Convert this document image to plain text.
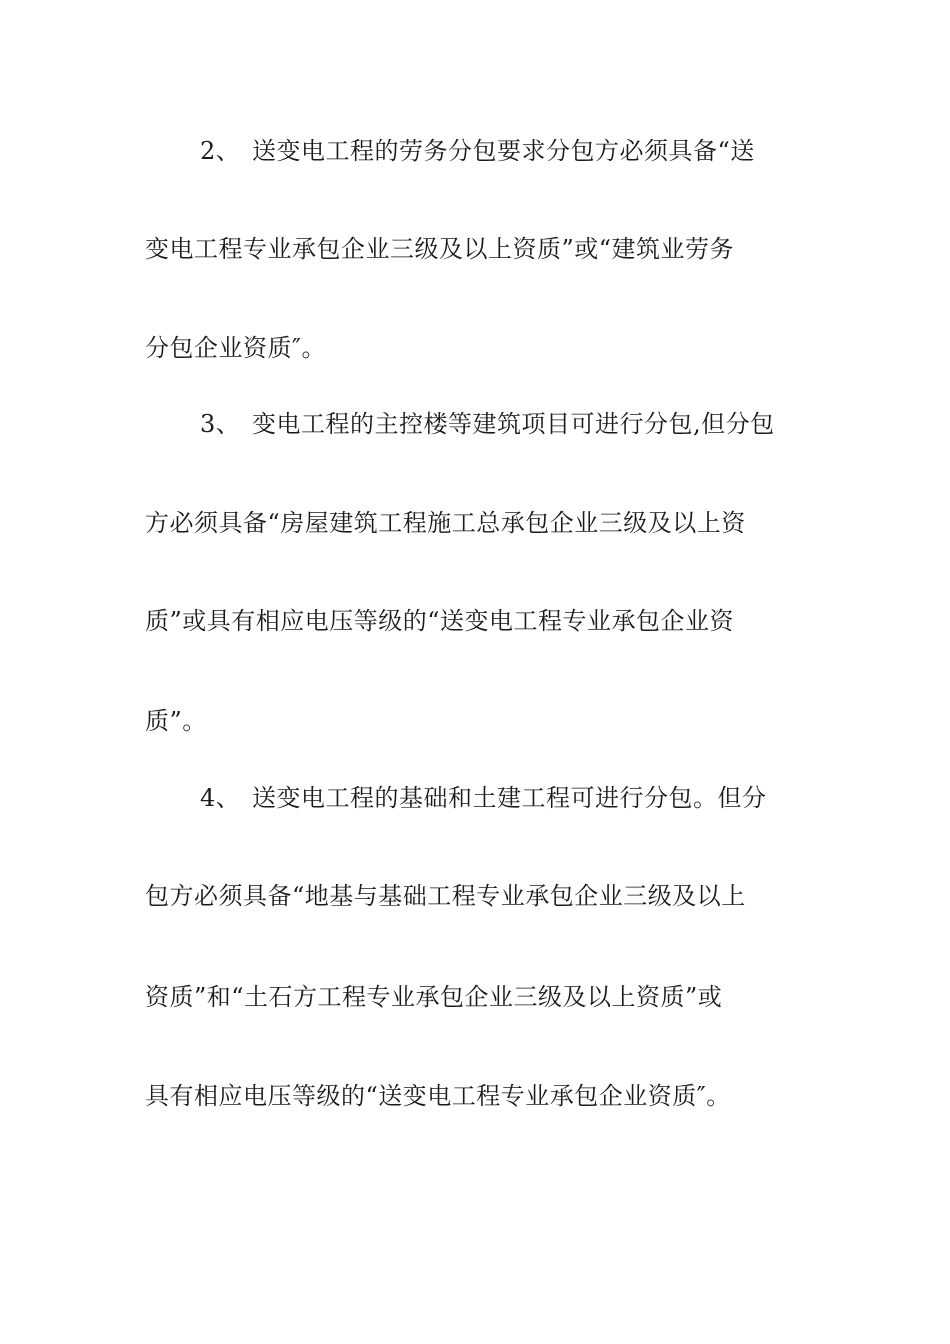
2、 送变电工程的劳务分包要求分包方必须具备“送
变电工程专业承包企业三级及以上资质”或“建筑业劳务
分包企业资质″。
3、 变电工程的主控楼等建筑项目可进行分包,但分包
方必须具备“房屋建筑工程施工总承包企业三级及以上资
质”或具有相应电压等级的“送变电工程专业承包企业资
质”。
4、 送变电工程的基础和土建工程可进行分包。但分
包方必须具备“地基与基础工程专业承包企业三级及以上
资质”和“土石方工程专业承包企业三级及以上资质”或
具有相应电压等级的“送变电工程专业承包企业资质″。
